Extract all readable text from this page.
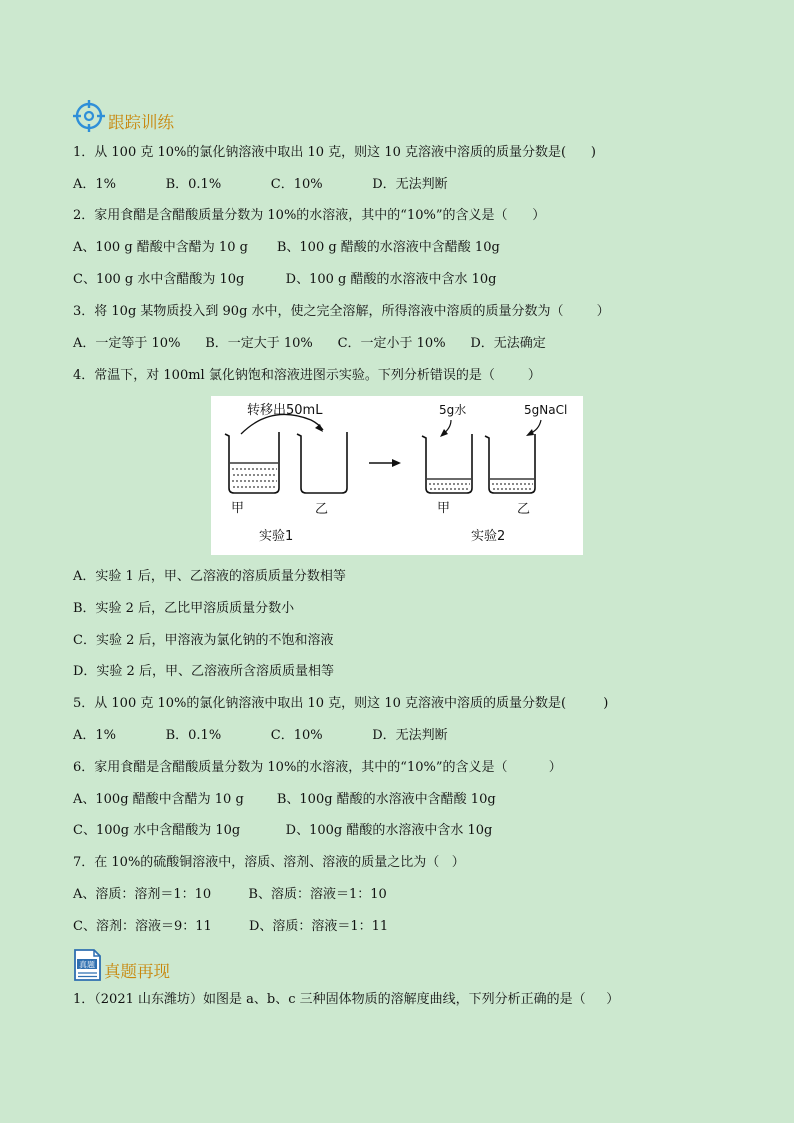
跟踪训练
1．从 100 克 10%的氯化钠溶液中取出 10 克，则这 10 克溶液中溶质的质量分数是(      )
A．1%            B．0.1%            C．10%            D．无法判断
2．家用食醋是含醋酸质量分数为 10%的水溶液，其中的“10%”的含义是（      ）
A、100 g 醋酸中含醋为 10 g       B、100 g 醋酸的水溶液中含醋酸 10g
C、100 g 水中含醋酸为 10g          D、100 g 醋酸的水溶液中含水 10g
3．将 10g 某物质投入到 90g 水中，使之完全溶解，所得溶液中溶质的质量分数为（        ）
A．一定等于 10%      B．一定大于 10%      C．一定小于 10%      D．无法确定
4．常温下，对 100ml 氯化钠饱和溶液进图示实验。下列分析错误的是（        ）
转移出50mL	5g水	5gNaCl
甲	乙	甲	乙
实验1	实验2
A．实验 1 后，甲、乙溶液的溶质质量分数相等
B．实验 2 后，乙比甲溶质质量分数小
C．实验 2 后，甲溶液为氯化钠的不饱和溶液
D．实验 2 后，甲、乙溶液所含溶质质量相等
5．从 100 克 10%的氯化钠溶液中取出 10 克，则这 10 克溶液中溶质的质量分数是(         )
A．1%            B．0.1%            C．10%            D．无法判断
6．家用食醋是含醋酸质量分数为 10%的水溶液，其中的“10%”的含义是（          ）
A、100g 醋酸中含醋为 10 g        B、100g 醋酸的水溶液中含醋酸 10g
C、100g 水中含醋酸为 10g           D、100g 醋酸的水溶液中含水 10g
7．在 10%的硫酸铜溶液中，溶质、溶剂、溶液的质量之比为（   ）
A、溶质：溶剂＝1：10         B、溶质：溶液＝1：10
C、溶剂：溶液＝9：11         D、溶质：溶液＝1：11
真题 真题再现
1．（2021 山东潍坊）如图是 a、b、c 三种固体物质的溶解度曲线，下列分析正确的是（     ）
